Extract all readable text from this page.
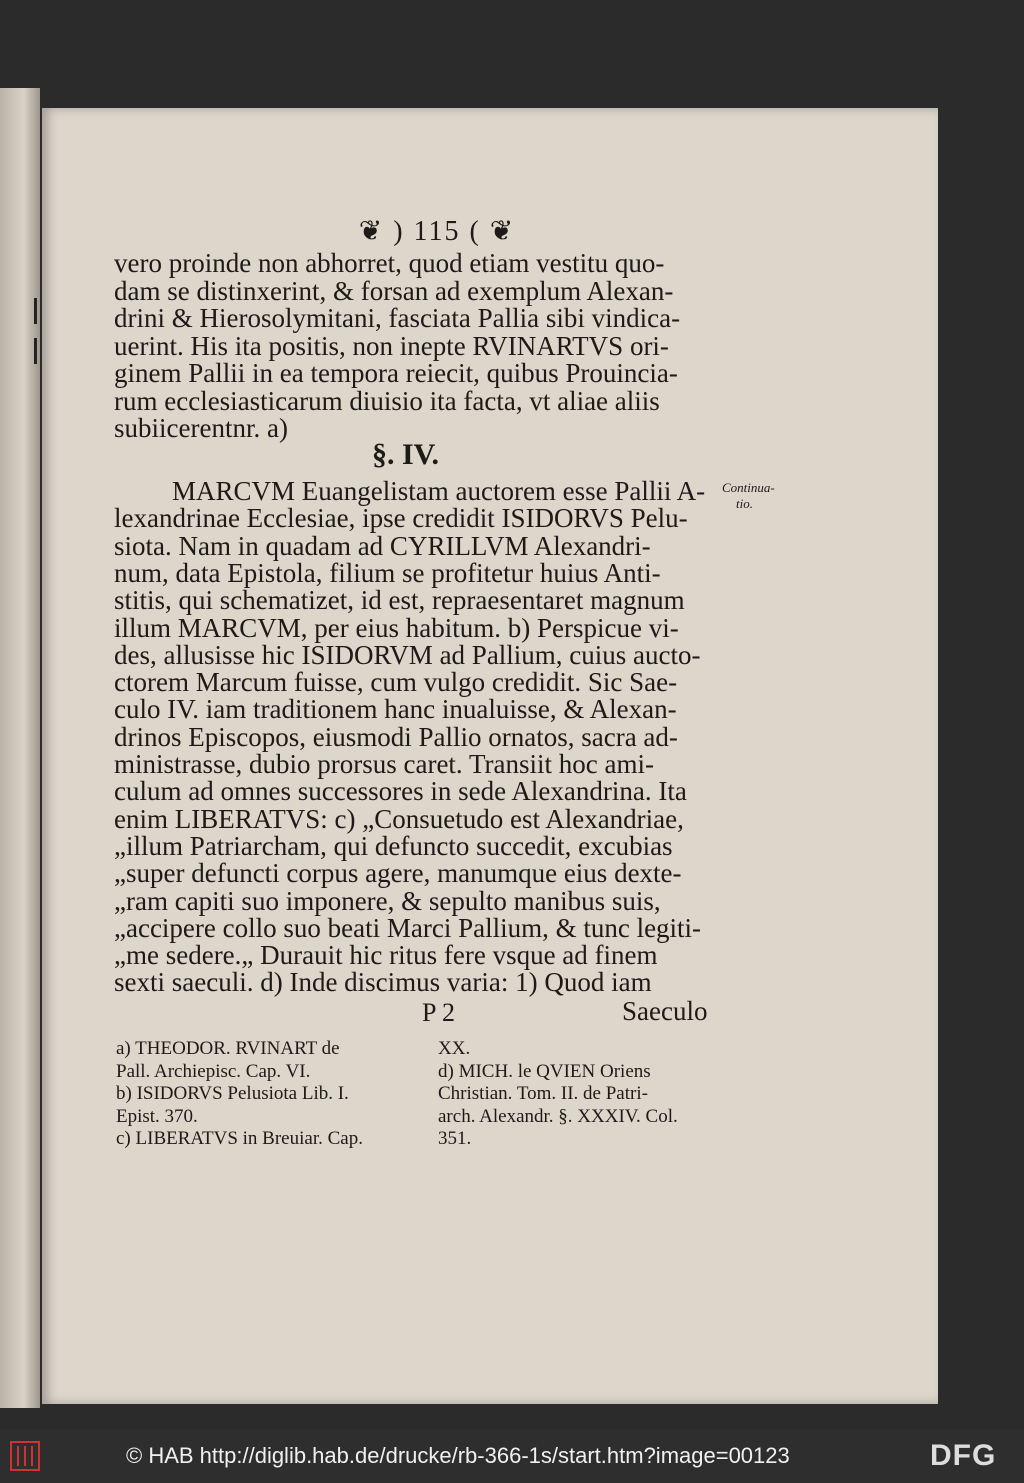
❦ ) 115 ( ❦
vero proinde non abhorret, quod etiam vestitu quo-
dam se distinxerint, & forsan ad exemplum Alexan-
drini & Hierosolymitani, fasciata Pallia sibi vindica-
uerint. His ita positis, non inepte RVINARTVS ori-
ginem Pallii in ea tempora reiecit, quibus Prouincia-
rum ecclesiasticarum diuisio ita facta, vt aliae aliis
subiicerentnr. a)
§. IV.
MARCVM Euangelistam auctorem esse Pallii A-
lexandrinae Ecclesiae, ipse credidit ISIDORVS Pelu-
siota. Nam in quadam ad CYRILLVM Alexandri-
num, data Epistola, filium se profitetur huius Anti-
stitis, qui schematizet, id est, repraesentaret magnum
illum MARCVM, per eius habitum. b) Perspicue vi-
des, allusisse hic ISIDORVM ad Pallium, cuius aucto-
ctorem Marcum fuisse, cum vulgo credidit. Sic Sae-
culo IV. iam traditionem hanc inualuisse, & Alexan-
drinos Episcopos, eiusmodi Pallio ornatos, sacra ad-
ministrasse, dubio prorsus caret. Transiit hoc ami-
culum ad omnes successores in sede Alexandrina. Ita
enim LIBERATVS: c) „Consuetudo est Alexandriae,
„illum Patriarcham, qui defuncto succedit, excubias
„super defuncti corpus agere, manumque eius dexte-
„ram capiti suo imponere, & sepulto manibus suis,
„accipere collo suo beati Marci Pallium, & tunc legiti-
„me sedere.„ Durauit hic ritus fere vsque ad finem
sexti saeculi. d) Inde discimus varia: 1) Quod iam
Continua-
tio.
P 2	Saeculo
a) THEODOR. RVINART de
Pall. Archiepisc. Cap. VI.
b) ISIDORVS Pelusiota Lib. I.
Epist. 370.
c) LIBERATVS in Breuiar. Cap.
XX.
d) MICH. le QVIEN Oriens
Christian. Tom. II. de Patri-
arch. Alexandr. §. XXXIV. Col.
351.
© HAB http://diglib.hab.de/drucke/rb-366-1s/start.htm?image=00123	DFG
